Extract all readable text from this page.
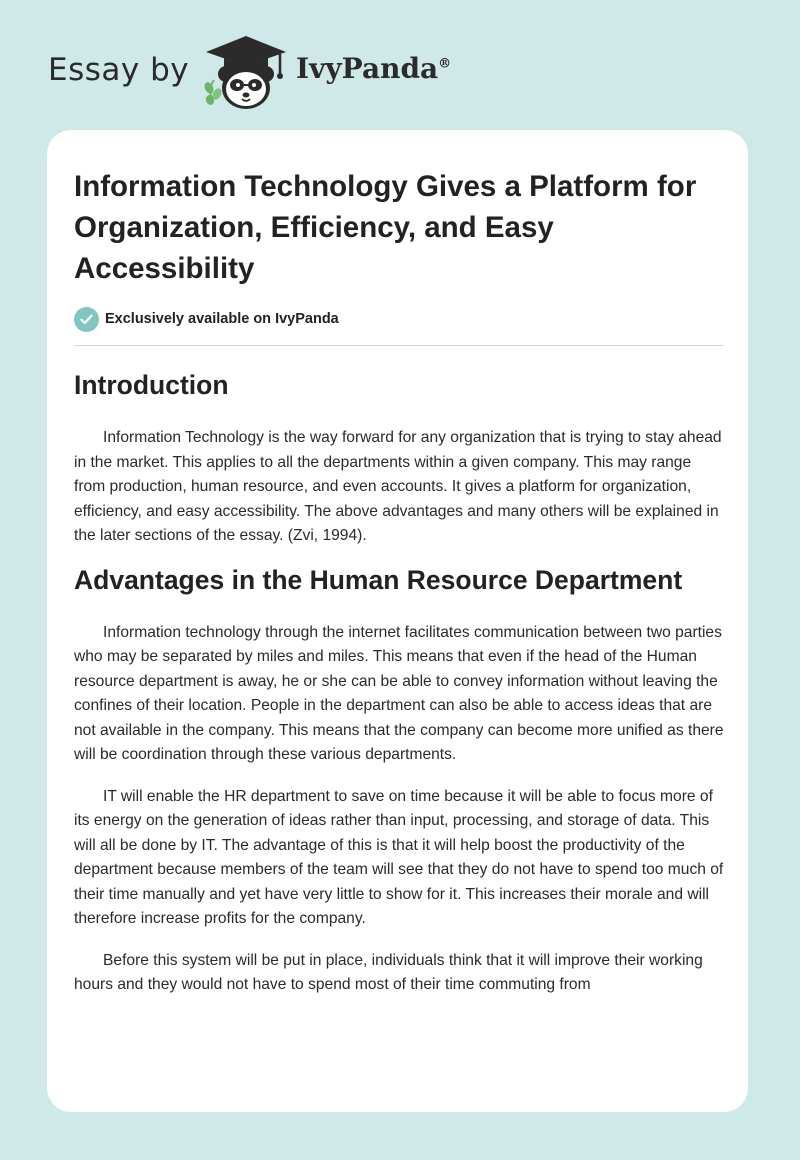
Essay by	IvyPanda®
Information Technology Gives a Platform for Organization, Efficiency, and Easy Accessibility
Exclusively available on IvyPanda
Introduction

Information Technology is the way forward for any organization that is trying to stay ahead in the market. This applies to all the departments within a given company. This may range from production, human resource, and even accounts. It gives a platform for organization, efficiency, and easy accessibility. The above advantages and many others will be explained in the later sections of the essay. (Zvi, 1994).

Advantages in the Human Resource Department

Information technology through the internet facilitates communication between two parties who may be separated by miles and miles. This means that even if the head of the Human resource department is away, he or she can be able to convey information without leaving the confines of their location. People in the department can also be able to access ideas that are not available in the company. This means that the company can become more unified as there will be coordination through these various departments.

IT will enable the HR department to save on time because it will be able to focus more of its energy on the generation of ideas rather than input, processing, and storage of data. This will all be done by IT. The advantage of this is that it will help boost the productivity of the department because members of the team will see that they do not have to spend too much of their time manually and yet have very little to show for it. This increases their morale and will therefore increase profits for the company.

Before this system will be put in place, individuals think that it will improve their working hours and they would not have to spend most of their time commuting from
